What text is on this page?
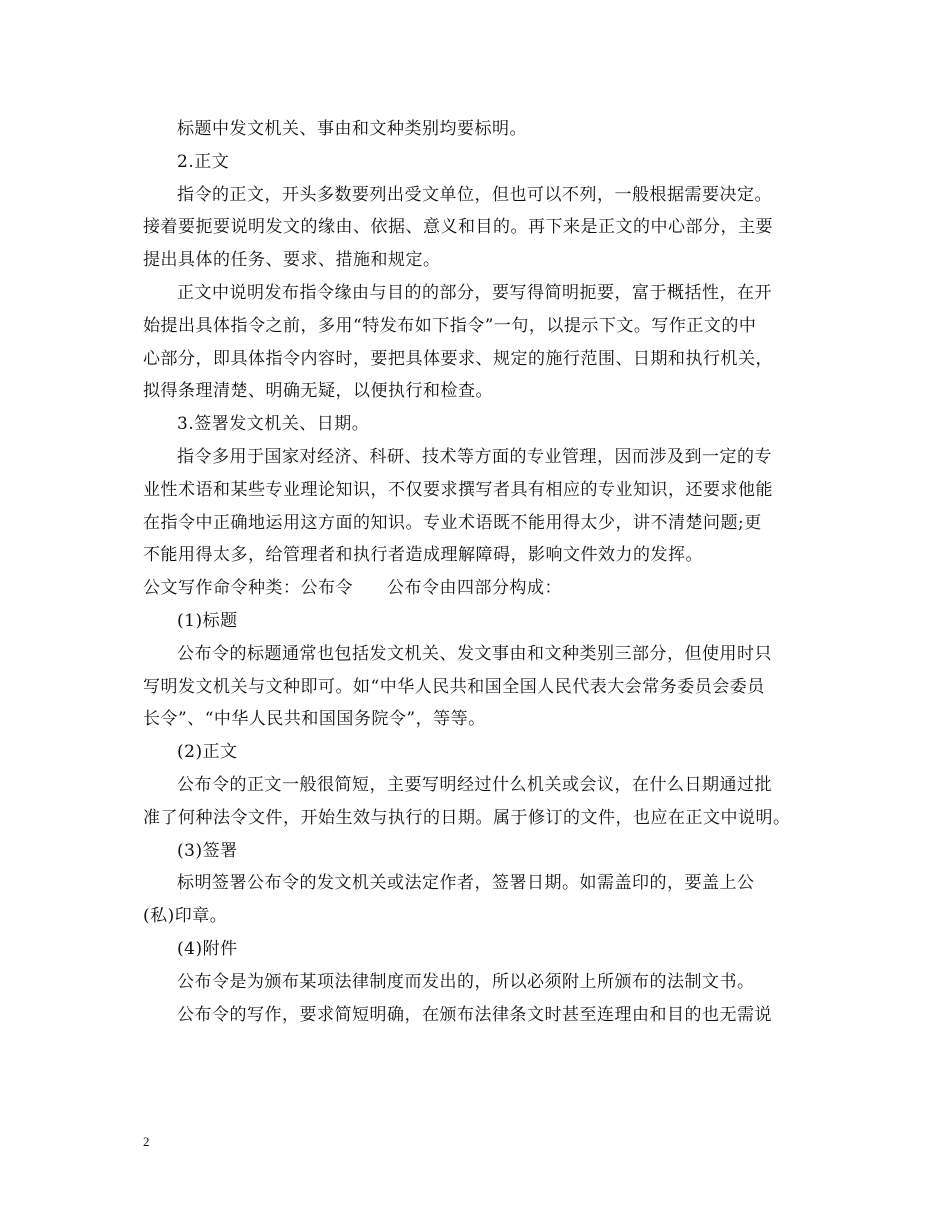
标题中发文机关、事由和文种类别均要标明。
2.正文
指令的正文，开头多数要列出受文单位，但也可以不列，一般根据需要决定。
接着要扼要说明发文的缘由、依据、意义和目的。再下来是正文的中心部分，主要
提出具体的任务、要求、措施和规定。
正文中说明发布指令缘由与目的的部分，要写得简明扼要，富于概括性，在开
始提出具体指令之前，多用“特发布如下指令”一句，以提示下文。写作正文的中
心部分，即具体指令内容时，要把具体要求、规定的施行范围、日期和执行机关，
拟得条理清楚、明确无疑，以便执行和检查。
3.签署发文机关、日期。
指令多用于国家对经济、科研、技术等方面的专业管理，因而涉及到一定的专
业性术语和某些专业理论知识，不仅要求撰写者具有相应的专业知识，还要求他能
在指令中正确地运用这方面的知识。专业术语既不能用得太少，讲不清楚问题;更
不能用得太多，给管理者和执行者造成理解障碍，影响文件效力的发挥。
公文写作命令种类：公布令 公布令由四部分构成：
(1)标题
公布令的标题通常也包括发文机关、发文事由和文种类别三部分，但使用时只
写明发文机关与文种即可。如“中华人民共和国全国人民代表大会常务委员会委员
长令”、“中华人民共和国国务院令”，等等。
(2)正文
公布令的正文一般很简短，主要写明经过什么机关或会议，在什么日期通过批
准了何种法令文件，开始生效与执行的日期。属于修订的文件，也应在正文中说明。
(3)签署
标明签署公布令的发文机关或法定作者，签署日期。如需盖印的，要盖上公
(私)印章。
(4)附件
公布令是为颁布某项法律制度而发出的，所以必须附上所颁布的法制文书。
公布令的写作，要求简短明确，在颁布法律条文时甚至连理由和目的也无需说
2
